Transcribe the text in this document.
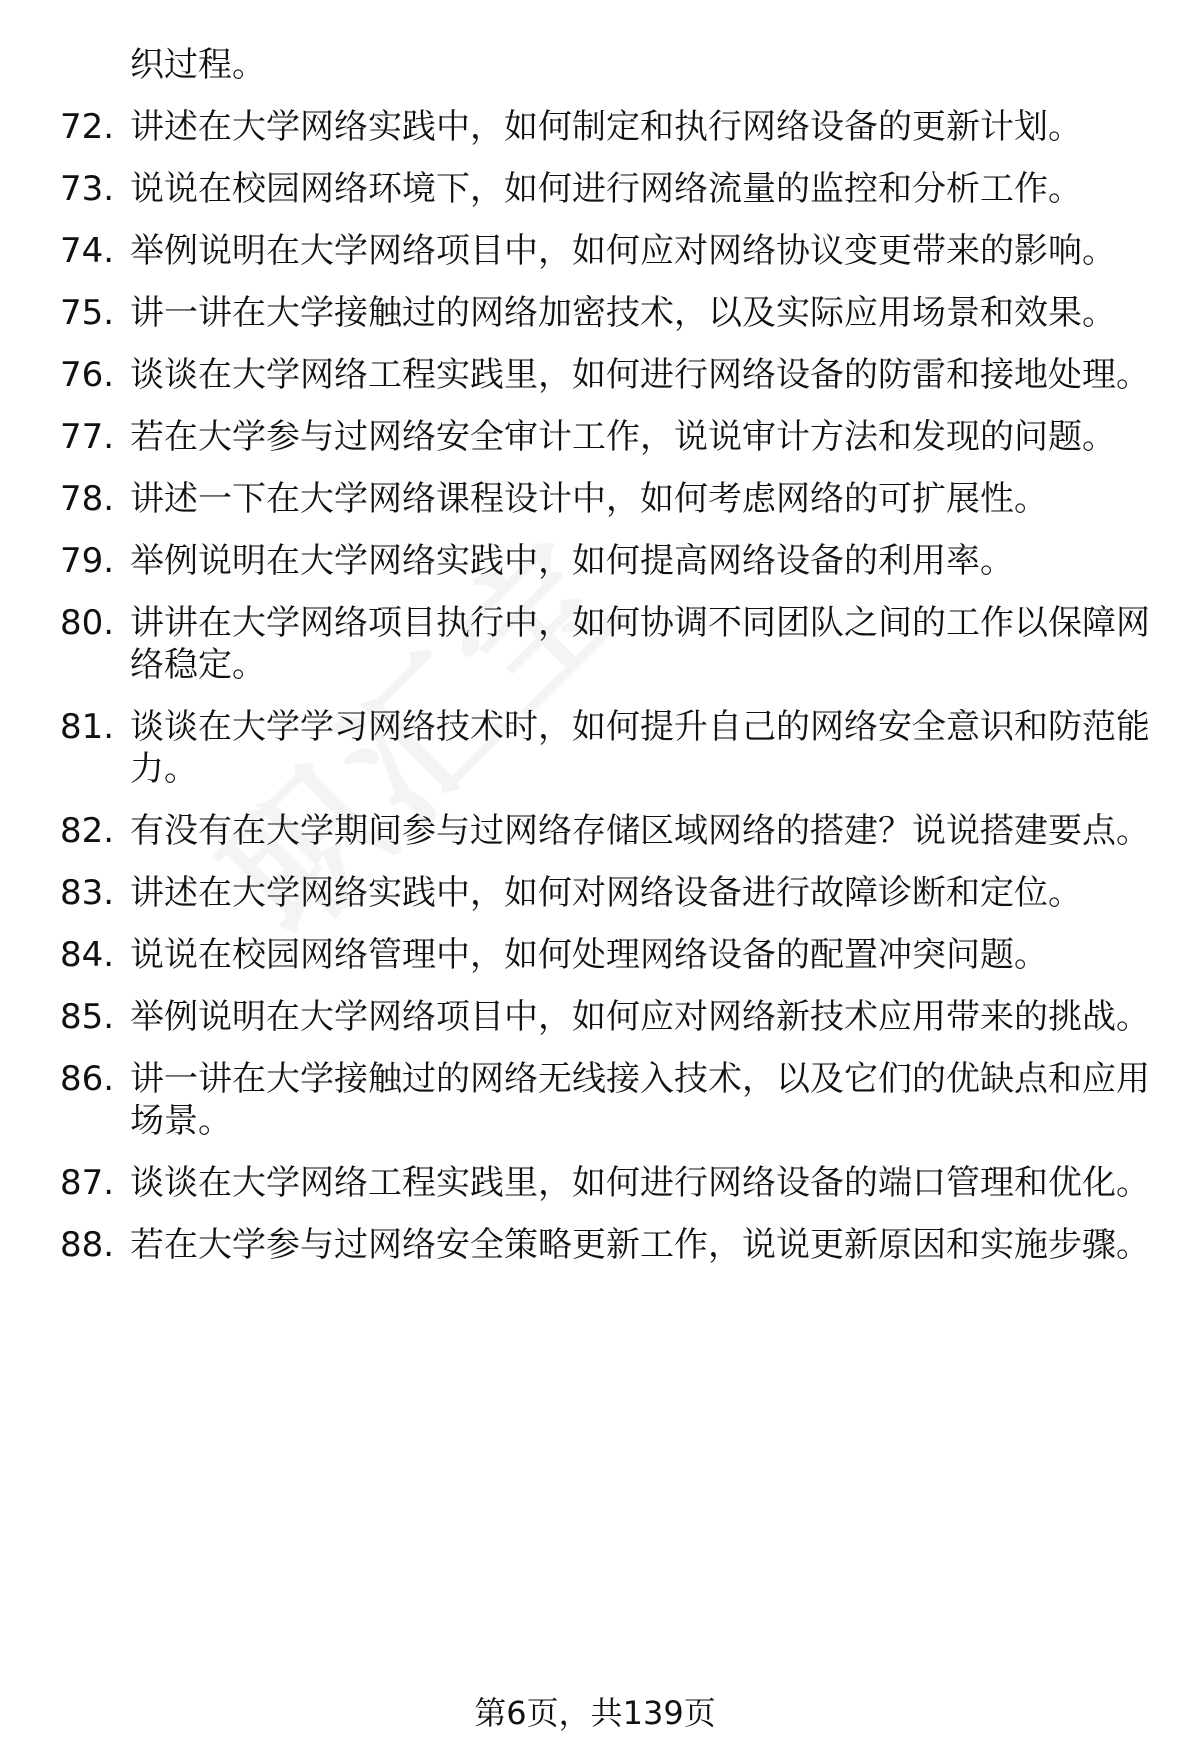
织过程。
72. 讲述在大学网络实践中，如何制定和执行网络设备的更新计划。
73. 说说在校园网络环境下，如何进行网络流量的监控和分析工作。
74. 举例说明在大学网络项目中，如何应对网络协议变更带来的影响。
75. 讲一讲在大学接触过的网络加密技术，以及实际应用场景和效果。
76. 谈谈在大学网络工程实践里，如何进行网络设备的防雷和接地处理。
77. 若在大学参与过网络安全审计工作，说说审计方法和发现的问题。
78. 讲述一下在大学网络课程设计中，如何考虑网络的可扩展性。
79. 举例说明在大学网络实践中，如何提高网络设备的利用率。
80. 讲讲在大学网络项目执行中，如何协调不同团队之间的工作以保障网络稳定。
81. 谈谈在大学学习网络技术时，如何提升自己的网络安全意识和防范能力。
82. 有没有在大学期间参与过网络存储区域网络的搭建？说说搭建要点。
83. 讲述在大学网络实践中，如何对网络设备进行故障诊断和定位。
84. 说说在校园网络管理中，如何处理网络设备的配置冲突问题。
85. 举例说明在大学网络项目中，如何应对网络新技术应用带来的挑战。
86. 讲一讲在大学接触过的网络无线接入技术，以及它们的优缺点和应用场景。
87. 谈谈在大学网络工程实践里，如何进行网络设备的端口管理和优化。
88. 若在大学参与过网络安全策略更新工作，说说更新原因和实施步骤。
第6页，共139页
